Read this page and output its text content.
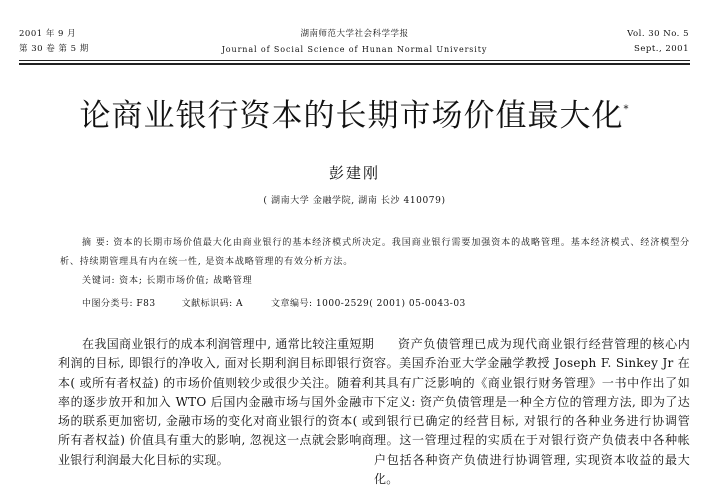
2001 年 9 月
第 30 卷 第 5 期
湖南师范大学社会科学学报
Journal of Social Science of Hunan Normal University
Vol. 30 No. 5
Sept., 2001
论商业银行资本的长期市场价值最大化*
彭建刚
( 湖南大学 金融学院, 湖南 长沙 410079)
摘 要: 资本的长期市场价值最大化由商业银行的基本经济模式所决定。我国商业银行需要加强资本的战略管理。基本经济模式、经济模型分析、持续期管理具有内在统一性, 是资本战略管理的有效分析方法。
关键词: 资本; 长期市场价值; 战略管理
中图分类号: F83	文献标识码: A	文章编号: 1000-2529( 2001) 05-0043-03
在我国商业银行的成本利润管理中, 通常比较注重短期利润的目标, 即银行的净收入, 面对长期利润目标即银行资本( 或所有者权益) 的市场价值则较少或很少关注。随着利率的逐步放开和加入 WTO 后国内金融市场与国外金融市场的联系更加密切, 金融市场的变化对商业银行的资本( 或所有者权益) 价值具有重大的影响, 忽视这一点就会影响商业银行利润最大化目标的实现。
资产负债管理已成为现代商业银行经营管理的核心内容。美国乔治亚大学金融学教授 Joseph F. Sinkey Jr 在其具有广泛影响的《商业银行财务管理》一书中作出了如下定义: 资产负债管理是一种全方位的管理方法, 即为了达到银行已确定的经营目标, 对银行的各种业务进行协调管理。这一管理过程的实质在于对银行资产负债表中各种帐户包括各种资产负债进行协调管理, 实现资本收益的最大化。
